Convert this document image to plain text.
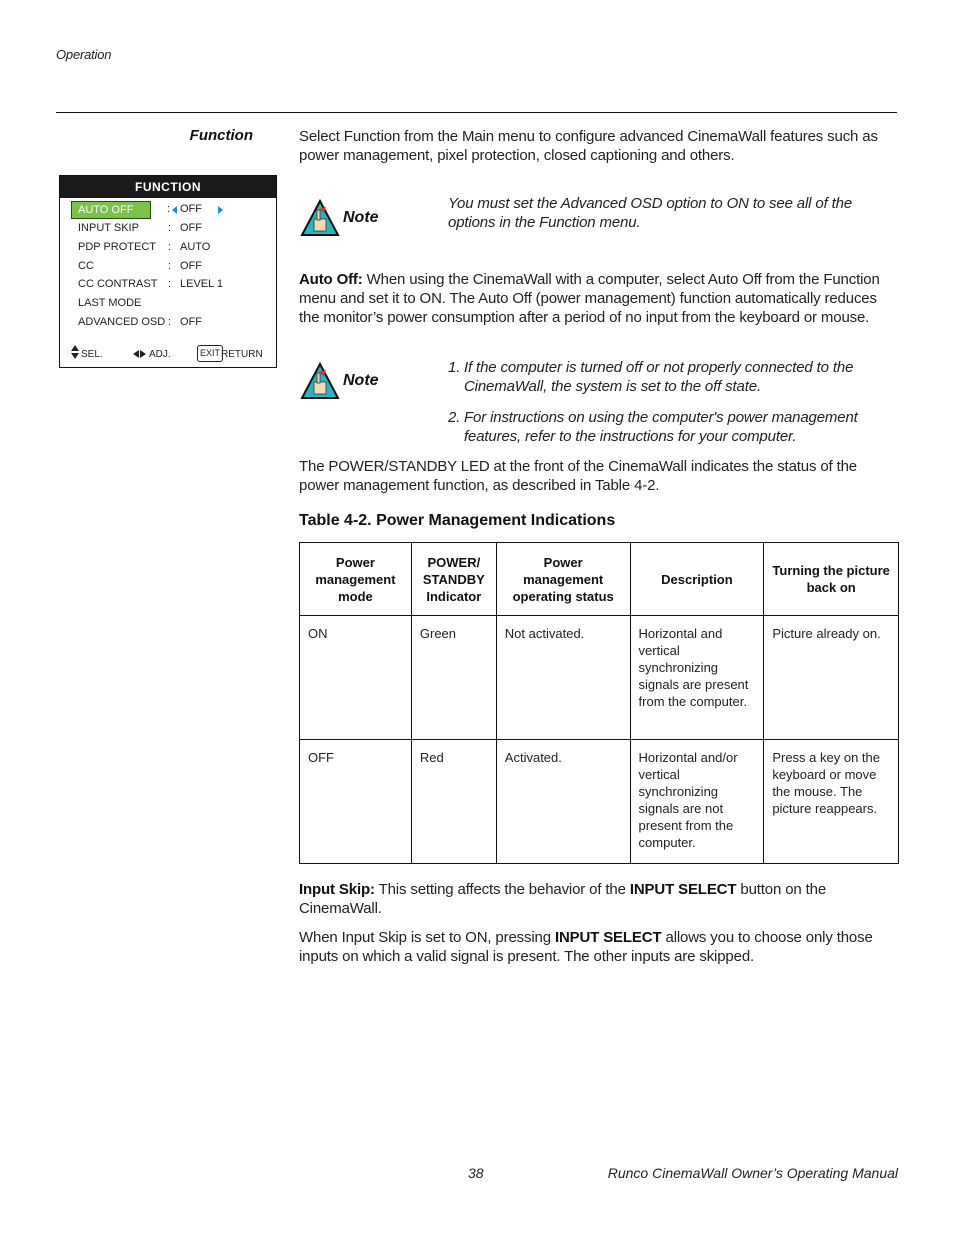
Operation
Function	Select Function from the Main menu to configure advanced CinemaWall features such as power management, pixel protection, closed captioning and others.
FUNCTION
AUTO OFF	: OFF
INPUT SKIP	: OFF
PDP PROTECT : AUTO
CC	: OFF
CC CONTRAST : LEVEL 1
LAST MODE
ADVANCED OSD : OFF
SEL.	ADJ.	EXIT RETURN
Note
You must set the Advanced OSD option to ON to see all of the options in the Function menu.
Auto Off: When using the CinemaWall with a computer, select Auto Off from the Function menu and set it to ON. The Auto Off (power management) function automatically reduces the monitor’s power consumption after a period of no input from the keyboard or mouse.
Note
1. If the computer is turned off or not properly connected to the CinemaWall, the system is set to the off state.
2. For instructions on using the computer's power management features, refer to the instructions for your computer.
The POWER/STANDBY LED at the front of the CinemaWall indicates the status of the power management function, as described in Table 4-2.
Table 4-2. Power Management Indications
Power management mode	POWER/ STANDBY Indicator	Power management operating status	Description	Turning the picture back on
ON	Green	Not activated.	Horizontal and vertical synchronizing signals are present from the computer.	Picture already on.
OFF	Red	Activated.	Horizontal and/or vertical synchronizing signals are not present from the computer.	Press a key on the keyboard or move the mouse. The picture reappears.
Input Skip: This setting affects the behavior of the INPUT SELECT button on the CinemaWall.
When Input Skip is set to ON, pressing INPUT SELECT allows you to choose only those inputs on which a valid signal is present. The other inputs are skipped.
38	Runco CinemaWall Owner’s Operating Manual
